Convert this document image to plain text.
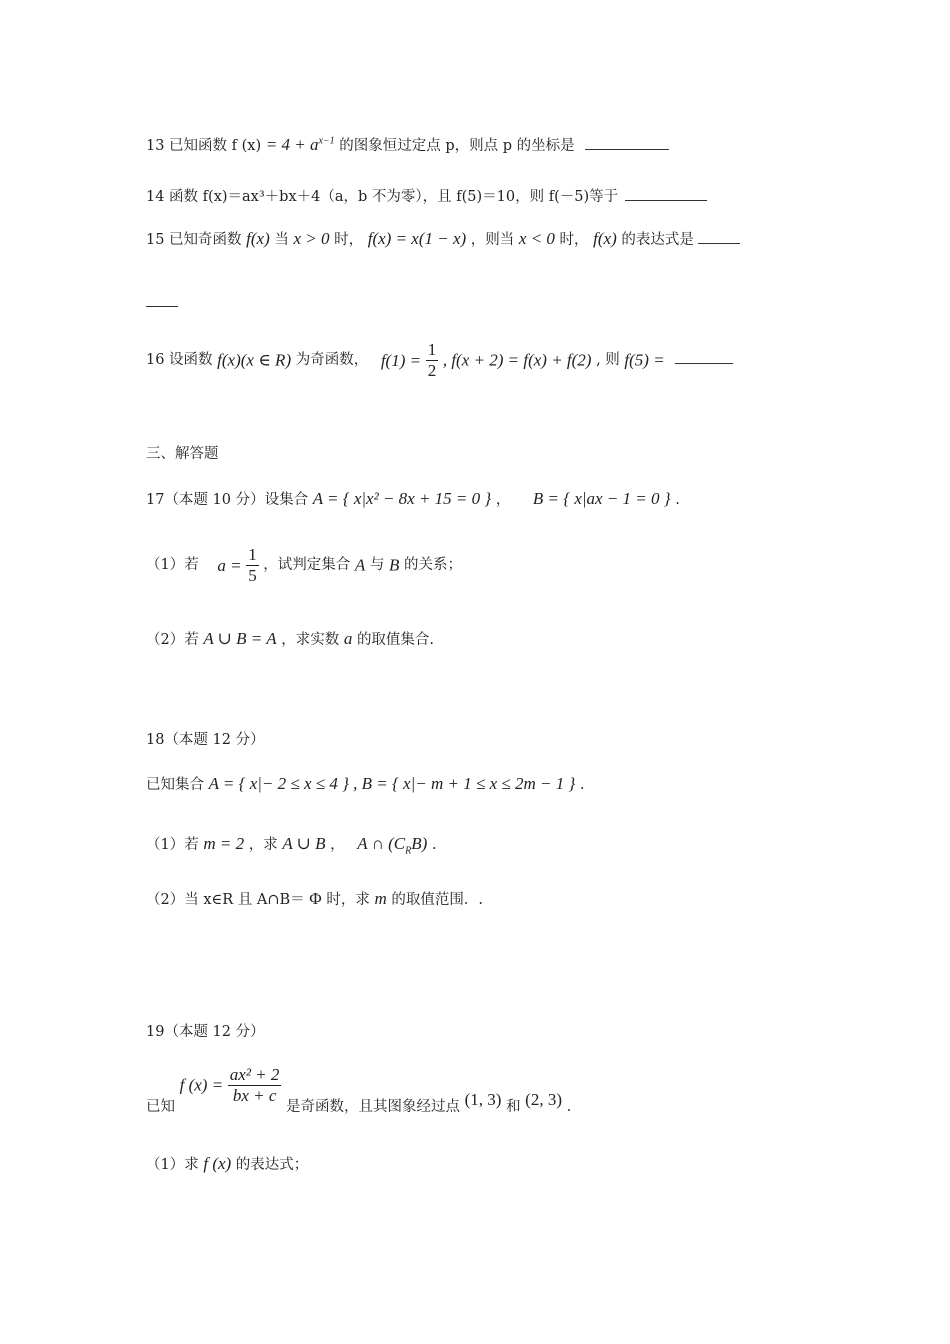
13 已知函数 f $(x) = 4 + a^{x-1}$ 的图象恒过定点 p，则点 p 的坐标是
14 函数 f(x)＝ax³＋bx＋4（a，b 不为零），且 f(5)＝10，则 f(－5)等于
15 已知奇函数 f(x) 当 x > 0 时， f(x) = x(1 − x) ，则当 x < 0 时， f(x) 的表达式是
16 设函数 f(x)(x ∈ R) 为奇函数， $f(1) = \frac{1}{2}$ , f(x + 2) = f(x) + f(2) , 则 f(5) =
三、解答题
17（本题 10 分）设集合 A = { x|x² − 8x + 15 = 0 } ， B = { x|ax − 1 = 0 } .
（1）若 $a = \frac{1}{5}$ ，试判定集合 A 与 B 的关系；
（2）若 A ∪ B = A ，求实数 a 的取值集合.
18（本题 12 分）
已知集合 A = { x|− 2 ≤ x ≤ 4 } , B = { x|− m + 1 ≤ x ≤ 2m − 1 } .
（1）若 m = 2 ，求 A ∪ B ， A ∩ $(C_RB)$ .
（2）当 x∈R 且 A∩B＝ Φ 时，求 m 的取值范围．.
19（本题 12 分）
已知 f $(x) = \frac{\text{ax² + 2}}{bx + c}$
是奇函数，且其图象经过点 (1, 3) 和 (2, 3) .
（1）求 f (x) 的表达式；
